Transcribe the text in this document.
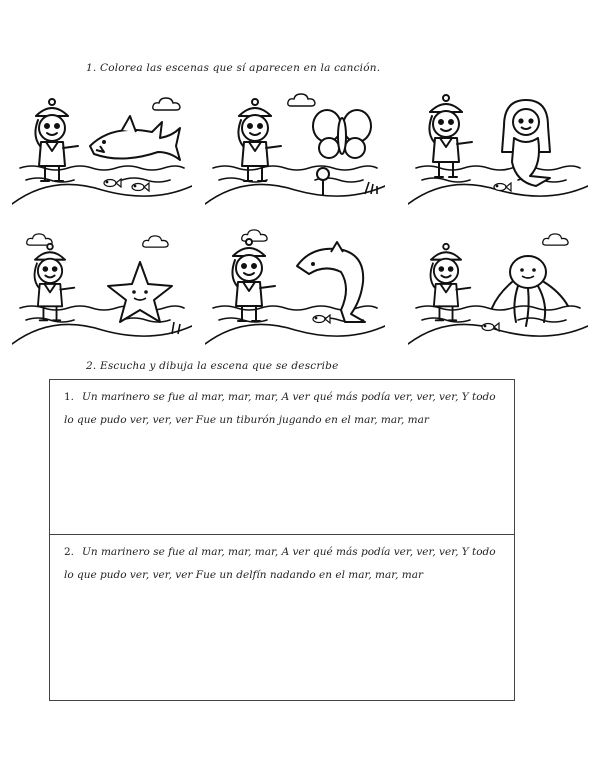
1. Colorea las escenas que sí aparecen en la canción.
2. Escucha y dibuja la escena que se describe
1. Un marinero se fue al mar, mar, mar, A ver qué más podía ver, ver, ver, Y todo lo que pudo ver, ver, ver Fue un tiburón jugando en el mar, mar, mar
2. Un marinero se fue al mar, mar, mar, A ver qué más podía ver, ver, ver, Y todo lo que pudo ver, ver, ver Fue un delfín nadando en el mar, mar, mar
